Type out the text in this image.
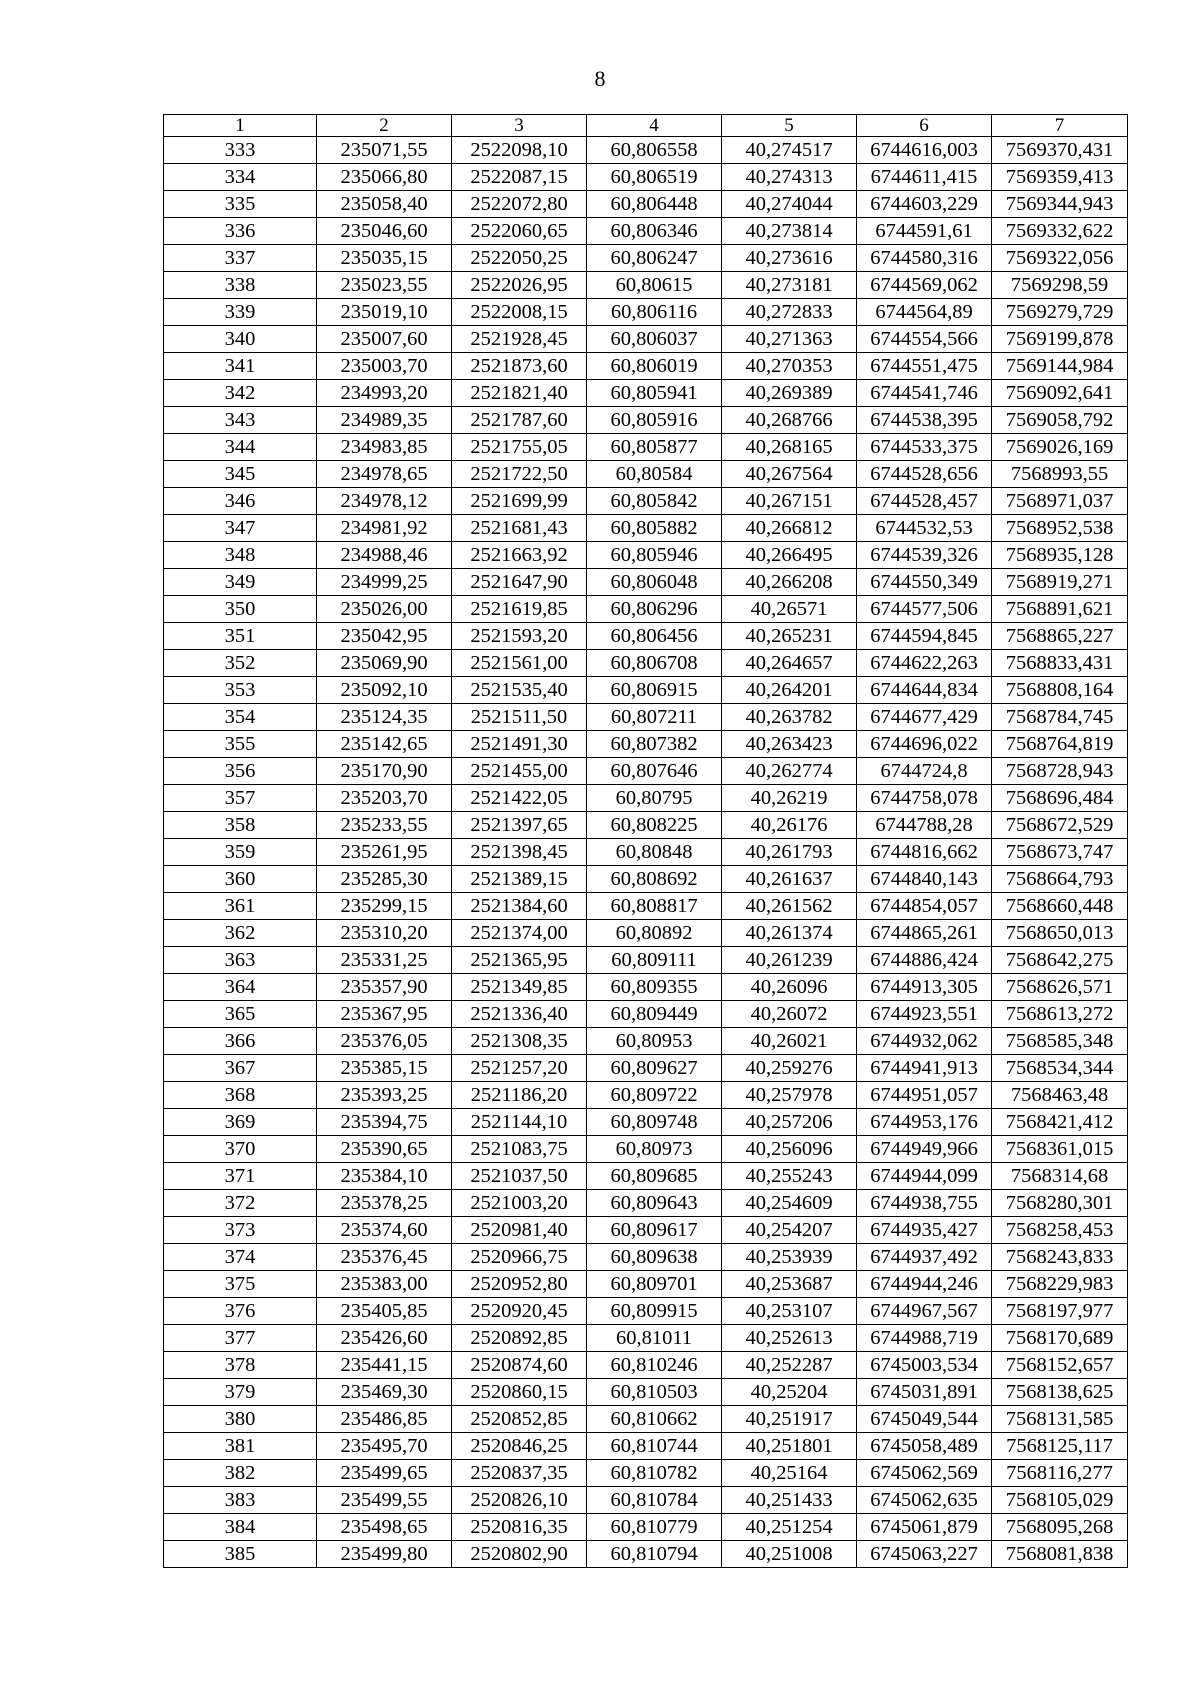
8
1	2	3	4	5	6	7
333	235071,55	2522098,10	60,806558	40,274517	6744616,003	7569370,431
334	235066,80	2522087,15	60,806519	40,274313	6744611,415	7569359,413
335	235058,40	2522072,80	60,806448	40,274044	6744603,229	7569344,943
336	235046,60	2522060,65	60,806346	40,273814	6744591,61	7569332,622
337	235035,15	2522050,25	60,806247	40,273616	6744580,316	7569322,056
338	235023,55	2522026,95	60,80615	40,273181	6744569,062	7569298,59
339	235019,10	2522008,15	60,806116	40,272833	6744564,89	7569279,729
340	235007,60	2521928,45	60,806037	40,271363	6744554,566	7569199,878
341	235003,70	2521873,60	60,806019	40,270353	6744551,475	7569144,984
342	234993,20	2521821,40	60,805941	40,269389	6744541,746	7569092,641
343	234989,35	2521787,60	60,805916	40,268766	6744538,395	7569058,792
344	234983,85	2521755,05	60,805877	40,268165	6744533,375	7569026,169
345	234978,65	2521722,50	60,80584	40,267564	6744528,656	7568993,55
346	234978,12	2521699,99	60,805842	40,267151	6744528,457	7568971,037
347	234981,92	2521681,43	60,805882	40,266812	6744532,53	7568952,538
348	234988,46	2521663,92	60,805946	40,266495	6744539,326	7568935,128
349	234999,25	2521647,90	60,806048	40,266208	6744550,349	7568919,271
350	235026,00	2521619,85	60,806296	40,26571	6744577,506	7568891,621
351	235042,95	2521593,20	60,806456	40,265231	6744594,845	7568865,227
352	235069,90	2521561,00	60,806708	40,264657	6744622,263	7568833,431
353	235092,10	2521535,40	60,806915	40,264201	6744644,834	7568808,164
354	235124,35	2521511,50	60,807211	40,263782	6744677,429	7568784,745
355	235142,65	2521491,30	60,807382	40,263423	6744696,022	7568764,819
356	235170,90	2521455,00	60,807646	40,262774	6744724,8	7568728,943
357	235203,70	2521422,05	60,80795	40,26219	6744758,078	7568696,484
358	235233,55	2521397,65	60,808225	40,26176	6744788,28	7568672,529
359	235261,95	2521398,45	60,80848	40,261793	6744816,662	7568673,747
360	235285,30	2521389,15	60,808692	40,261637	6744840,143	7568664,793
361	235299,15	2521384,60	60,808817	40,261562	6744854,057	7568660,448
362	235310,20	2521374,00	60,80892	40,261374	6744865,261	7568650,013
363	235331,25	2521365,95	60,809111	40,261239	6744886,424	7568642,275
364	235357,90	2521349,85	60,809355	40,26096	6744913,305	7568626,571
365	235367,95	2521336,40	60,809449	40,26072	6744923,551	7568613,272
366	235376,05	2521308,35	60,80953	40,26021	6744932,062	7568585,348
367	235385,15	2521257,20	60,809627	40,259276	6744941,913	7568534,344
368	235393,25	2521186,20	60,809722	40,257978	6744951,057	7568463,48
369	235394,75	2521144,10	60,809748	40,257206	6744953,176	7568421,412
370	235390,65	2521083,75	60,80973	40,256096	6744949,966	7568361,015
371	235384,10	2521037,50	60,809685	40,255243	6744944,099	7568314,68
372	235378,25	2521003,20	60,809643	40,254609	6744938,755	7568280,301
373	235374,60	2520981,40	60,809617	40,254207	6744935,427	7568258,453
374	235376,45	2520966,75	60,809638	40,253939	6744937,492	7568243,833
375	235383,00	2520952,80	60,809701	40,253687	6744944,246	7568229,983
376	235405,85	2520920,45	60,809915	40,253107	6744967,567	7568197,977
377	235426,60	2520892,85	60,81011	40,252613	6744988,719	7568170,689
378	235441,15	2520874,60	60,810246	40,252287	6745003,534	7568152,657
379	235469,30	2520860,15	60,810503	40,25204	6745031,891	7568138,625
380	235486,85	2520852,85	60,810662	40,251917	6745049,544	7568131,585
381	235495,70	2520846,25	60,810744	40,251801	6745058,489	7568125,117
382	235499,65	2520837,35	60,810782	40,25164	6745062,569	7568116,277
383	235499,55	2520826,10	60,810784	40,251433	6745062,635	7568105,029
384	235498,65	2520816,35	60,810779	40,251254	6745061,879	7568095,268
385	235499,80	2520802,90	60,810794	40,251008	6745063,227	7568081,838
